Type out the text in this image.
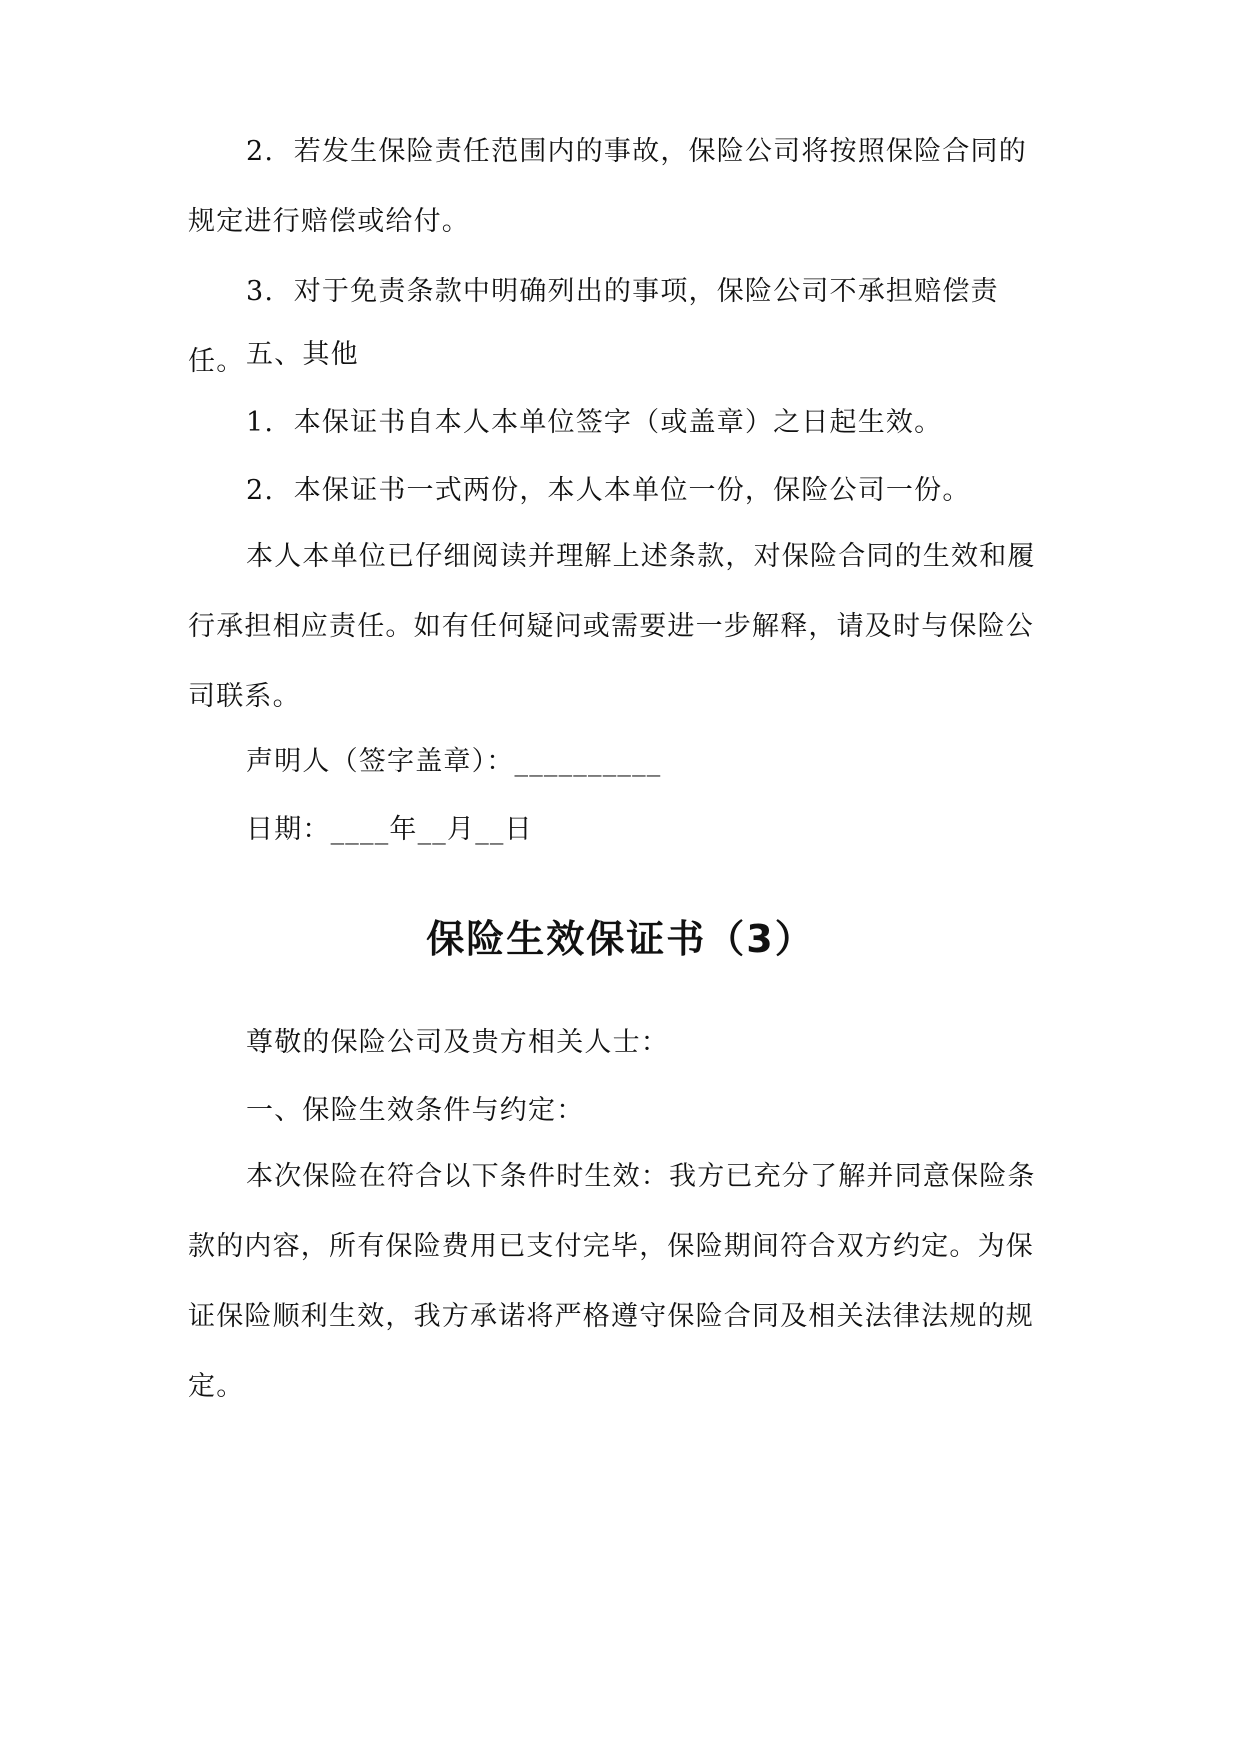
2.  若发生保险责任范围内的事故，保险公司将按照保险合同的规定进行赔偿或给付。
3.  对于免责条款中明确列出的事项，保险公司不承担赔偿责任。 五、其他
1.  本保证书自本人本单位签字（或盖章）之日起生效。
2.  本保证书一式两份，本人本单位一份，保险公司一份。
本人本单位已仔细阅读并理解上述条款，对保险合同的生效和履行承担相应责任。如有任何疑问或需要进一步解释，请及时与保险公司联系。
声明人（签字盖章）：__________
日期：____年__月__日
保险生效保证书（3）
尊敬的保险公司及贵方相关人士：
一、保险生效条件与约定：
本次保险在符合以下条件时生效：我方已充分了解并同意保险条款的内容，所有保险费用已支付完毕，保险期间符合双方约定。为保证保险顺利生效，我方承诺将严格遵守保险合同及相关法律法规的规定。
